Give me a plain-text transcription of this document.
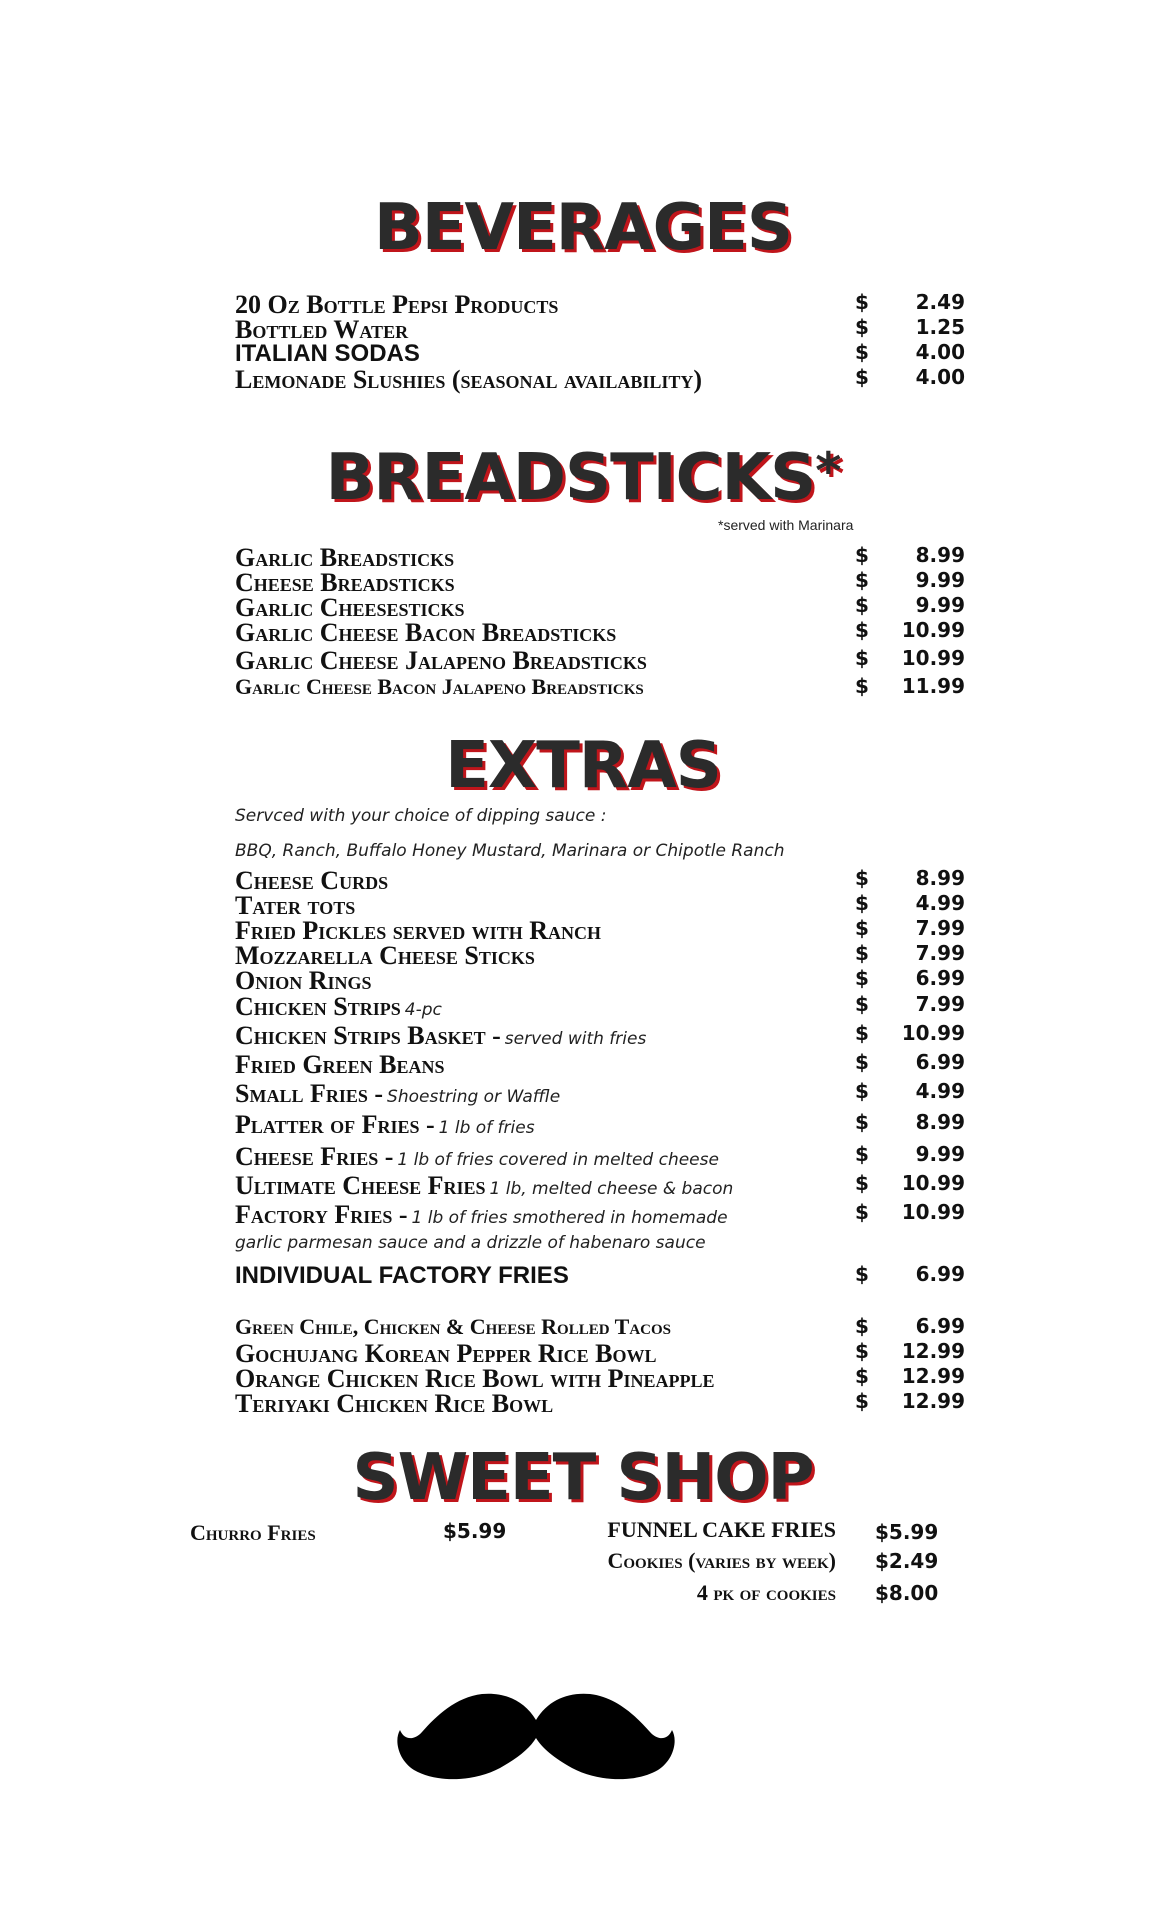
BEVERAGES
20 Oz Bottle Pepsi Products	$	2.49
Bottled Water	$	1.25
ITALIAN SODAS	$	4.00
Lemonade Slushies (seasonal availability)	$	4.00
BREADSTICKS*
*served with Marinara
Garlic Breadsticks	$	8.99
Cheese Breadsticks	$	9.99
Garlic Cheesesticks	$	9.99
Garlic Cheese Bacon Breadsticks	$	10.99
Garlic Cheese Jalapeno Breadsticks	$	10.99
Garlic Cheese Bacon Jalapeno Breadsticks	$	11.99
EXTRAS
Servced with your choice of dipping sauce :
BBQ, Ranch, Buffalo Honey Mustard, Marinara or Chipotle Ranch
Cheese Curds	$	8.99
Tater tots	$	4.99
Fried Pickles served with Ranch	$	7.99
Mozzarella Cheese Sticks	$	7.99
Onion Rings	$	6.99
Chicken Strips 4-pc	$	7.99
Chicken Strips Basket - served with fries	$	10.99
Fried Green Beans	$	6.99
Small Fries - Shoestring or Waffle	$	4.99
Platter of Fries - 1 lb of fries	$	8.99
Cheese Fries - 1 lb of fries covered in melted cheese	$	9.99
Ultimate Cheese Fries 1 lb, melted cheese & bacon	$	10.99
Factory Fries - 1 lb of fries smothered in homemade	$	10.99
garlic parmesan sauce and a drizzle of habenaro sauce
INDIVIDUAL FACTORY FRIES	$	6.99
Green Chile, Chicken & Cheese Rolled Tacos	$	6.99
Gochujang Korean Pepper Rice Bowl	$	12.99
Orange Chicken Rice Bowl with Pineapple	$	12.99
Teriyaki Chicken Rice Bowl	$	12.99
SWEET SHOP
Churro Fries	$5.99	FUNNEL CAKE FRIES $5.99
Cookies (varies by week) $2.49
4 pk of cookies $8.00
